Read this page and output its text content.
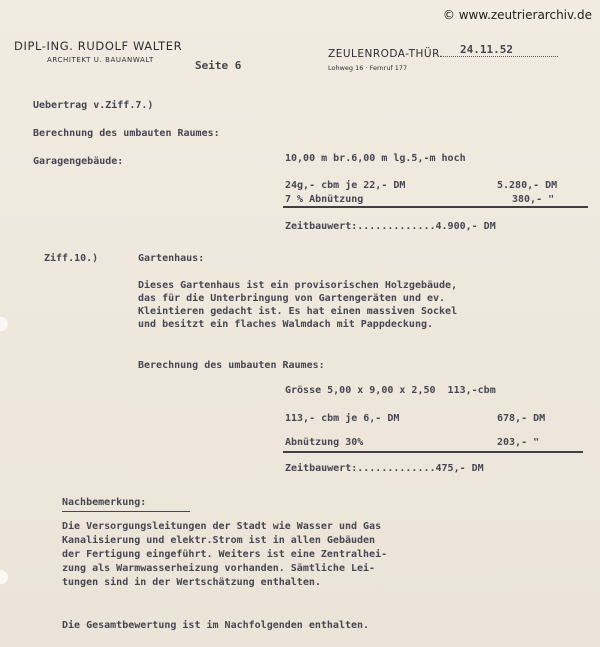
© www.zeutrierarchiv.de
DIPL-ING. RUDOLF WALTER
ARCHITEKT U. BAUANWALT	Seite 6
ZEULENRODA-THÜR. 24.11.52
Lohweg 16 · Fernruf 177
Uebertrag v.Ziff.7.)
Berechnung des umbauten Raumes:
Garagengebäude:	10,00 m br.6,00 m lg.5,-m hoch
24g,- cbm je 22,- DM	5.280,- DM
7 % Abnützung	380,- "
Zeitbauwert:.............4.900,- DM
Ziff.10.)	Gartenhaus:
Dieses Gartenhaus ist ein provisorischen Holzgebäude,
das für die Unterbringung von Gartengeräten und ev.
Kleintieren gedacht ist. Es hat einen massiven Sockel
und besitzt ein flaches Walmdach mit Pappdeckung.
Berechnung des umbauten Raumes:
Grösse 5,00 x 9,00 x 2,50  113,-cbm
113,- cbm je 6,- DM	678,- DM
Abnützung 30%	203,- "
Zeitbauwert:.............475,- DM
Nachbemerkung:
Die Versorgungsleitungen der Stadt wie Wasser und Gas
Kanalisierung und elektr.Strom ist in allen Gebäuden
der Fertigung eingeführt. Weiters ist eine Zentralhei-
zung als Warmwasserheizung vorhanden. Sämtliche Lei-
tungen sind in der Wertschätzung enthalten.
Die Gesamtbewertung ist im Nachfolgenden enthalten.
